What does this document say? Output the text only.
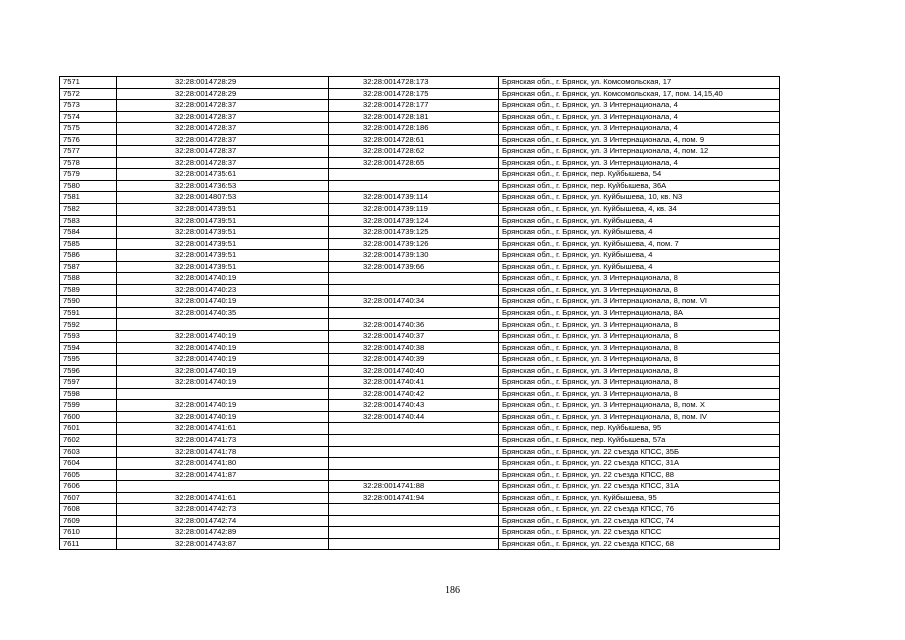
7571	32:28:0014728:29	32:28:0014728:173	Брянская обл., г. Брянск, ул. Комсомольская, 17
7572	32:28:0014728:29	32:28:0014728:175	Брянская обл., г. Брянск, ул. Комсомольская, 17, пом. 14,15,40
7573	32:28:0014728:37	32:28:0014728:177	Брянская обл., г. Брянск, ул. 3 Интернационала, 4
7574	32:28:0014728:37	32:28:0014728:181	Брянская обл., г. Брянск, ул. 3 Интернационала, 4
7575	32:28:0014728:37	32:28:0014728:186	Брянская обл., г. Брянск, ул. 3 Интернационала, 4
7576	32:28:0014728:37	32:28:0014728:61	Брянская обл., г. Брянск, ул. 3 Интернационала, 4, пом. 9
7577	32:28:0014728:37	32:28:0014728:62	Брянская обл., г. Брянск, ул. 3 Интернационала, 4, пом. 12
7578	32:28:0014728:37	32:28:0014728:65	Брянская обл., г. Брянск, ул. 3 Интернационала, 4
7579	32:28:0014735:61		Брянская обл., г. Брянск, пер. Куйбышева, 54
7580	32:28:0014736:53		Брянская обл., г. Брянск, пер. Куйбышева, 36А
7581	32:28:0014807:53	32:28:0014739:114	Брянская обл., г. Брянск, ул. Куйбышева, 10, кв. N3
7582	32:28:0014739:51	32:28:0014739:119	Брянская обл., г. Брянск, ул. Куйбышева, 4, кв. 34
7583	32:28:0014739:51	32:28:0014739:124	Брянская обл., г. Брянск, ул. Куйбышева, 4
7584	32:28:0014739:51	32:28:0014739:125	Брянская обл., г. Брянск, ул. Куйбышева, 4
7585	32:28:0014739:51	32:28:0014739:126	Брянская обл., г. Брянск, ул. Куйбышева, 4, пом. 7
7586	32:28:0014739:51	32:28:0014739:130	Брянская обл., г. Брянск, ул. Куйбышева, 4
7587	32:28:0014739:51	32:28:0014739:66	Брянская обл., г. Брянск, ул. Куйбышева, 4
7588	32:28:0014740:19		Брянская обл., г. Брянск, ул. 3 Интернационала, 8
7589	32:28:0014740:23		Брянская обл., г. Брянск, ул. 3 Интернационала, 8
7590	32:28:0014740:19	32:28:0014740:34	Брянская обл., г. Брянск, ул. 3 Интернационала, 8, пом. VI
7591	32:28:0014740:35		Брянская обл., г. Брянск, ул. 3 Интернационала, 8А
7592		32:28:0014740:36	Брянская обл., г. Брянск, ул. 3 Интернационала, 8
7593	32:28:0014740:19	32:28:0014740:37	Брянская обл., г. Брянск, ул. 3 Интернационала, 8
7594	32:28:0014740:19	32:28:0014740:38	Брянская обл., г. Брянск, ул. 3 Интернационала, 8
7595	32:28:0014740:19	32:28:0014740:39	Брянская обл., г. Брянск, ул. 3 Интернационала, 8
7596	32:28:0014740:19	32:28:0014740:40	Брянская обл., г. Брянск, ул. 3 Интернационала, 8
7597	32:28:0014740:19	32:28:0014740:41	Брянская обл., г. Брянск, ул. 3 Интернационала, 8
7598		32:28:0014740:42	Брянская обл., г. Брянск, ул. 3 Интернационала, 8
7599	32:28:0014740:19	32:28:0014740:43	Брянская обл., г. Брянск, ул. 3 Интернационала, 8, пом. Х
7600	32:28:0014740:19	32:28:0014740:44	Брянская обл., г. Брянск, ул. 3 Интернационала, 8, пом. IV
7601	32:28:0014741:61		Брянская обл., г. Брянск, пер. Куйбышева, 95
7602	32:28:0014741:73		Брянская обл., г. Брянск, пер. Куйбышева, 57а
7603	32:28:0014741:78		Брянская обл., г. Брянск, ул. 22 съезда КПСС, 35Б
7604	32:28:0014741:80		Брянская обл., г. Брянск, ул. 22 съезда КПСС, 31А
7605	32:28:0014741:87		Брянская обл., г. Брянск, ул. 22 съезда КПСС, 88
7606		32:28:0014741:88	Брянская обл., г. Брянск, ул. 22 съезда КПСС, 31А
7607	32:28:0014741:61	32:28:0014741:94	Брянская обл., г. Брянск, ул. Куйбышева, 95
7608	32:28:0014742:73		Брянская обл., г. Брянск, ул. 22 съезда КПСС, 76
7609	32:28:0014742:74		Брянская обл., г. Брянск, ул. 22 съезда КПСС, 74
7610	32:28:0014742:89		Брянская обл., г. Брянск, ул. 22 съезда КПСС
7611	32:28:0014743:87		Брянская обл., г. Брянск, ул. 22 съезда КПСС, 68
186
